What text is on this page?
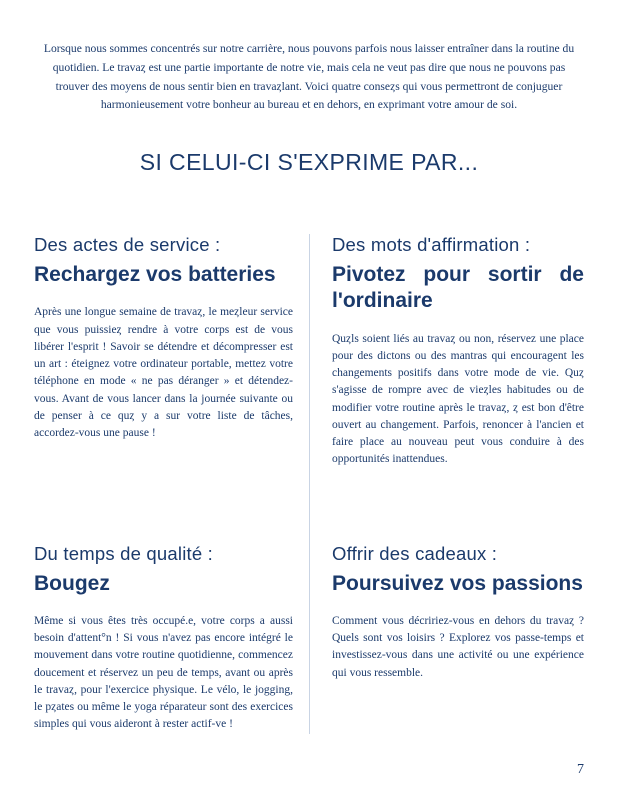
Lorsque nous sommes concentrés sur notre carrière, nous pouvons parfois nous laisser entraîner dans la routine du quotidien. Le travaȥ est une partie importante de notre vie, mais cela ne veut pas dire que nous ne pouvons pas trouver des moyens de nous sentir bien en travaȥlant. Voici quatre conseȥs qui vous permettront de conjuguer harmonieusement votre bonheur au bureau et en dehors, en exprimant votre amour de soi.

SI CELUI-CI S'EXPRIME PAR...
Des actes de service :
Rechargez vos batteries
Après une longue semaine de travaȥ, le meȥleur service que vous puissieȥ rendre à votre corps est de vous libérer l'esprit ! Savoir se détendre et décompresser est un art : éteignez votre ordinateur portable, mettez votre téléphone en mode « ne pas déranger » et détendez-vous. Avant de vous lancer dans la journée suivante ou de penser à ce quȥ y a sur votre liste de tâches, accordez-vous une pause !
Des mots d'affirmation :
Pivotez pour sortir de l'ordinaire
Quȥls soient liés au travaȥ ou non, réservez une place pour des dictons ou des mantras qui encouragent les changements positifs dans votre mode de vie. Quȥ s'agisse de rompre avec de vieȥles habitudes ou de modifier votre routine après le travaȥ, ȥ est bon d'être ouvert au changement. Parfois, renoncer à l'ancien et faire place au nouveau peut vous conduire à des opportunités inattendues.
Du temps de qualité :
Bougez
Même si vous êtes très occupé.e, votre corps a aussi besoin d'attent°n ! Si vous n'avez pas encore intégré le mouvement dans votre routine quotidienne, commencez doucement et réservez un peu de temps, avant ou après le travaȥ, pour l'exercice physique. Le vélo, le jogging, le pȥates ou même le yoga réparateur sont des exercices simples qui vous aideront à rester actif-ve !
Offrir des cadeaux :
Poursuivez vos passions
Comment vous décririez-vous en dehors du travaȥ ? Quels sont vos loisirs ? Explorez vos passe-temps et investissez-vous dans une activité ou une expérience qui vous ressemble.
7
